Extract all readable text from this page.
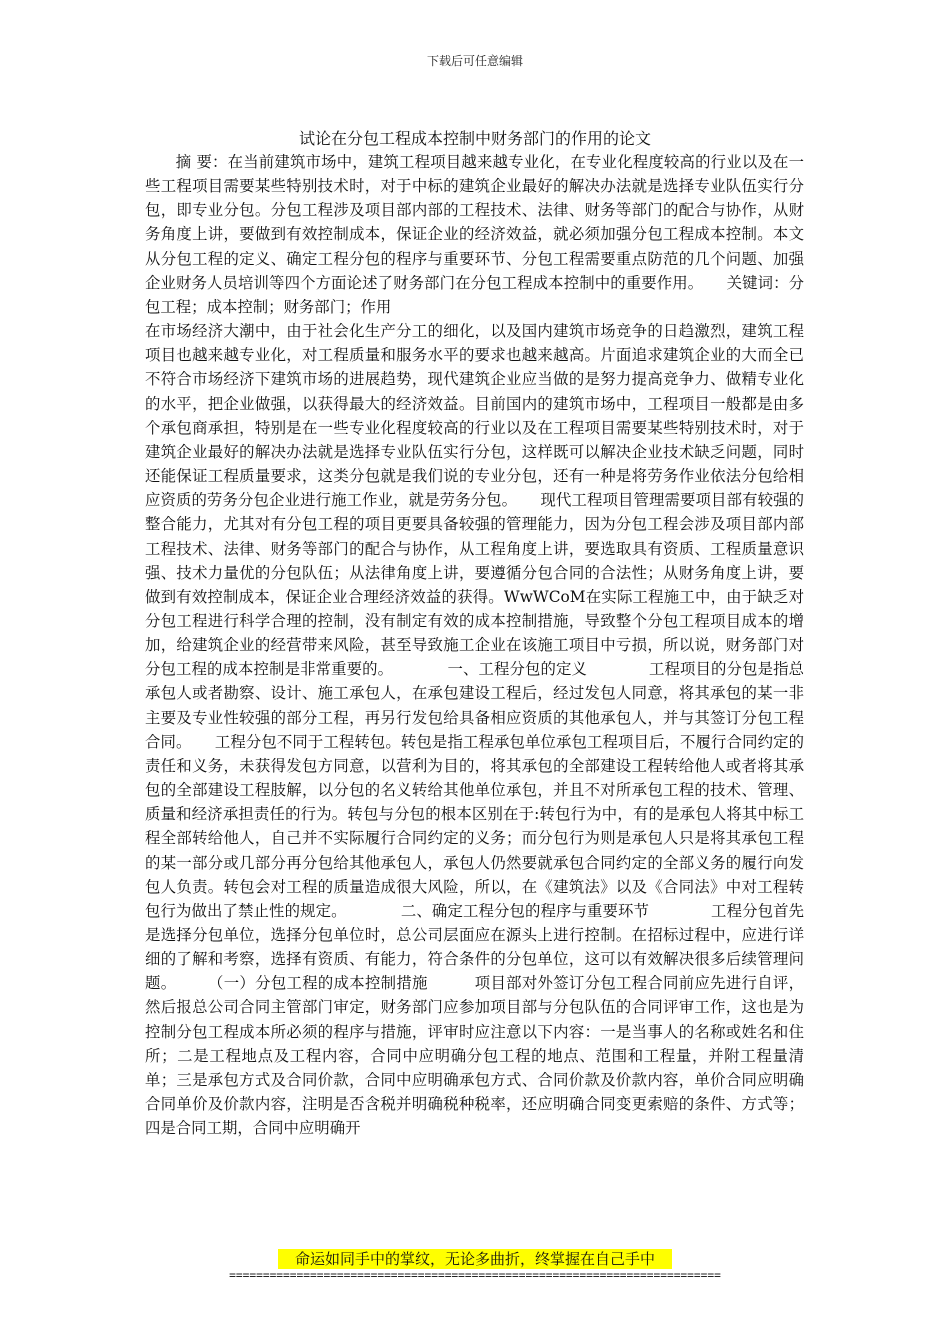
下载后可任意编辑
试论在分包工程成本控制中财务部门的作用的论文

摘 要：在当前建筑市场中，建筑工程项目越来越专业化，在专业化程度较高的行业以及在一些工程项目需要某些特别技术时，对于中标的建筑企业最好的解决办法就是选择专业队伍实行分包，即专业分包。分包工程涉及项目部内部的工程技术、法律、财务等部门的配合与协作，从财务角度上讲，要做到有效控制成本，保证企业的经济效益，就必须加强分包工程成本控制。本文从分包工程的定义、确定工程分包的程序与重要环节、分包工程需要重点防范的几个问题、加强企业财务人员培训等四个方面论述了财务部门在分包工程成本控制中的重要作用。　　关键词：分包工程；成本控制；财务部门；作用

在市场经济大潮中，由于社会化生产分工的细化，以及国内建筑市场竞争的日趋激烈，建筑工程项目也越来越专业化，对工程质量和服务水平的要求也越来越高。片面追求建筑企业的大而全已不符合市场经济下建筑市场的进展趋势，现代建筑企业应当做的是努力提高竞争力、做精专业化的水平，把企业做强，以获得最大的经济效益。目前国内的建筑市场中，工程项目一般都是由多个承包商承担，特别是在一些专业化程度较高的行业以及在工程项目需要某些特别技术时，对于建筑企业最好的解决办法就是选择专业队伍实行分包，这样既可以解决企业技术缺乏问题，同时还能保证工程质量要求，这类分包就是我们说的专业分包，还有一种是将劳务作业依法分包给相应资质的劳务分包企业进行施工作业，就是劳务分包。　　现代工程项目管理需要项目部有较强的整合能力，尤其对有分包工程的项目更要具备较强的管理能力，因为分包工程会涉及项目部内部工程技术、法律、财务等部门的配合与协作，从工程角度上讲，要选取具有资质、工程质量意识强、技术力量优的分包队伍；从法律角度上讲，要遵循分包合同的合法性；从财务角度上讲，要做到有效控制成本，保证企业合理经济效益的获得。WwWCoM在实际工程施工中，由于缺乏对分包工程进行科学合理的控制，没有制定有效的成本控制措施，导致整个分包工程项目成本的增加，给建筑企业的经营带来风险，甚至导致施工企业在该施工项目中亏损，所以说，财务部门对分包工程的成本控制是非常重要的。　　　　一、工程分包的定义　　　　工程项目的分包是指总承包人或者勘察、设计、施工承包人，在承包建设工程后，经过发包人同意，将其承包的某一非主要及专业性较强的部分工程，再另行发包给具备相应资质的其他承包人，并与其签订分包工程合同。　　工程分包不同于工程转包。转包是指工程承包单位承包工程项目后，不履行合同约定的责任和义务，未获得发包方同意，以营利为目的，将其承包的全部建设工程转给他人或者将其承包的全部建设工程肢解，以分包的名义转给其他单位承包，并且不对所承包工程的技术、管理、质量和经济承担责任的行为。转包与分包的根本区别在于:转包行为中，有的是承包人将其中标工程全部转给他人，自己并不实际履行合同约定的义务；而分包行为则是承包人只是将其承包工程的某一部分或几部分再分包给其他承包人，承包人仍然要就承包合同约定的全部义务的履行向发包人负责。转包会对工程的质量造成很大风险，所以，在《建筑法》以及《合同法》中对工程转包行为做出了禁止性的规定。　　　　二、确定工程分包的程序与重要环节　　　　工程分包首先是选择分包单位，选择分包单位时，总公司层面应在源头上进行控制。在招标过程中，应进行详细的了解和考察，选择有资质、有能力，符合条件的分包单位，这可以有效解决很多后续管理问题。　　　（一）分包工程的成本控制措施　　　项目部对外签订分包工程合同前应先进行自评，然后报总公司合同主管部门审定，财务部门应参加项目部与分包队伍的合同评审工作，这也是为控制分包工程成本所必须的程序与措施，评审时应注意以下内容：一是当事人的名称或姓名和住所；二是工程地点及工程内容，合同中应明确分包工程的地点、范围和工程量，并附工程量清单；三是承包方式及合同价款，合同中应明确承包方式、合同价款及价款内容，单价合同应明确合同单价及价款内容，注明是否含税并明确税种税率，还应明确合同变更索赔的条件、方式等；四是合同工期，合同中应明确开

命运如同手中的掌纹，无论多曲折，终掌握在自己手中
=========================================================================
